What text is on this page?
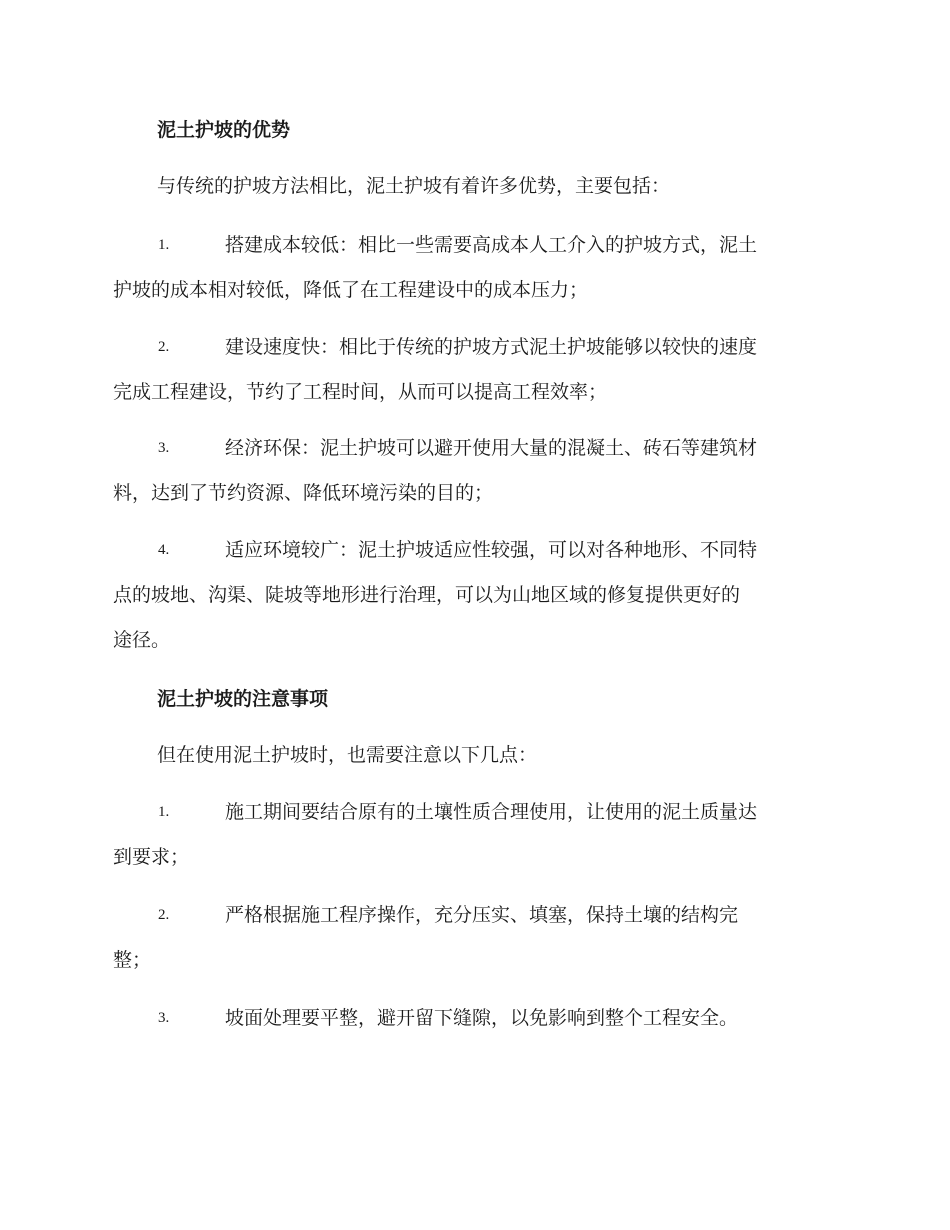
泥土护坡的优势
与传统的护坡方法相比，泥土护坡有着许多优势，主要包括：
1.	搭建成本较低：相比一些需要高成本人工介入的护坡方式，泥土
护坡的成本相对较低，降低了在工程建设中的成本压力；
2.	建设速度快：相比于传统的护坡方式泥土护坡能够以较快的速度
完成工程建设，节约了工程时间，从而可以提高工程效率；
3.	经济环保：泥土护坡可以避开使用大量的混凝土、砖石等建筑材
料，达到了节约资源、降低环境污染的目的；
4.	适应环境较广：泥土护坡适应性较强，可以对各种地形、不同特
点的坡地、沟渠、陡坡等地形进行治理，可以为山地区域的修复提供更好的
途径。
泥土护坡的注意事项
但在使用泥土护坡时，也需要注意以下几点：
1.	施工期间要结合原有的土壤性质合理使用，让使用的泥土质量达
到要求；
2.	严格根据施工程序操作，充分压实、填塞，保持土壤的结构完
整；
3.	坡面处理要平整，避开留下缝隙，以免影响到整个工程安全。
